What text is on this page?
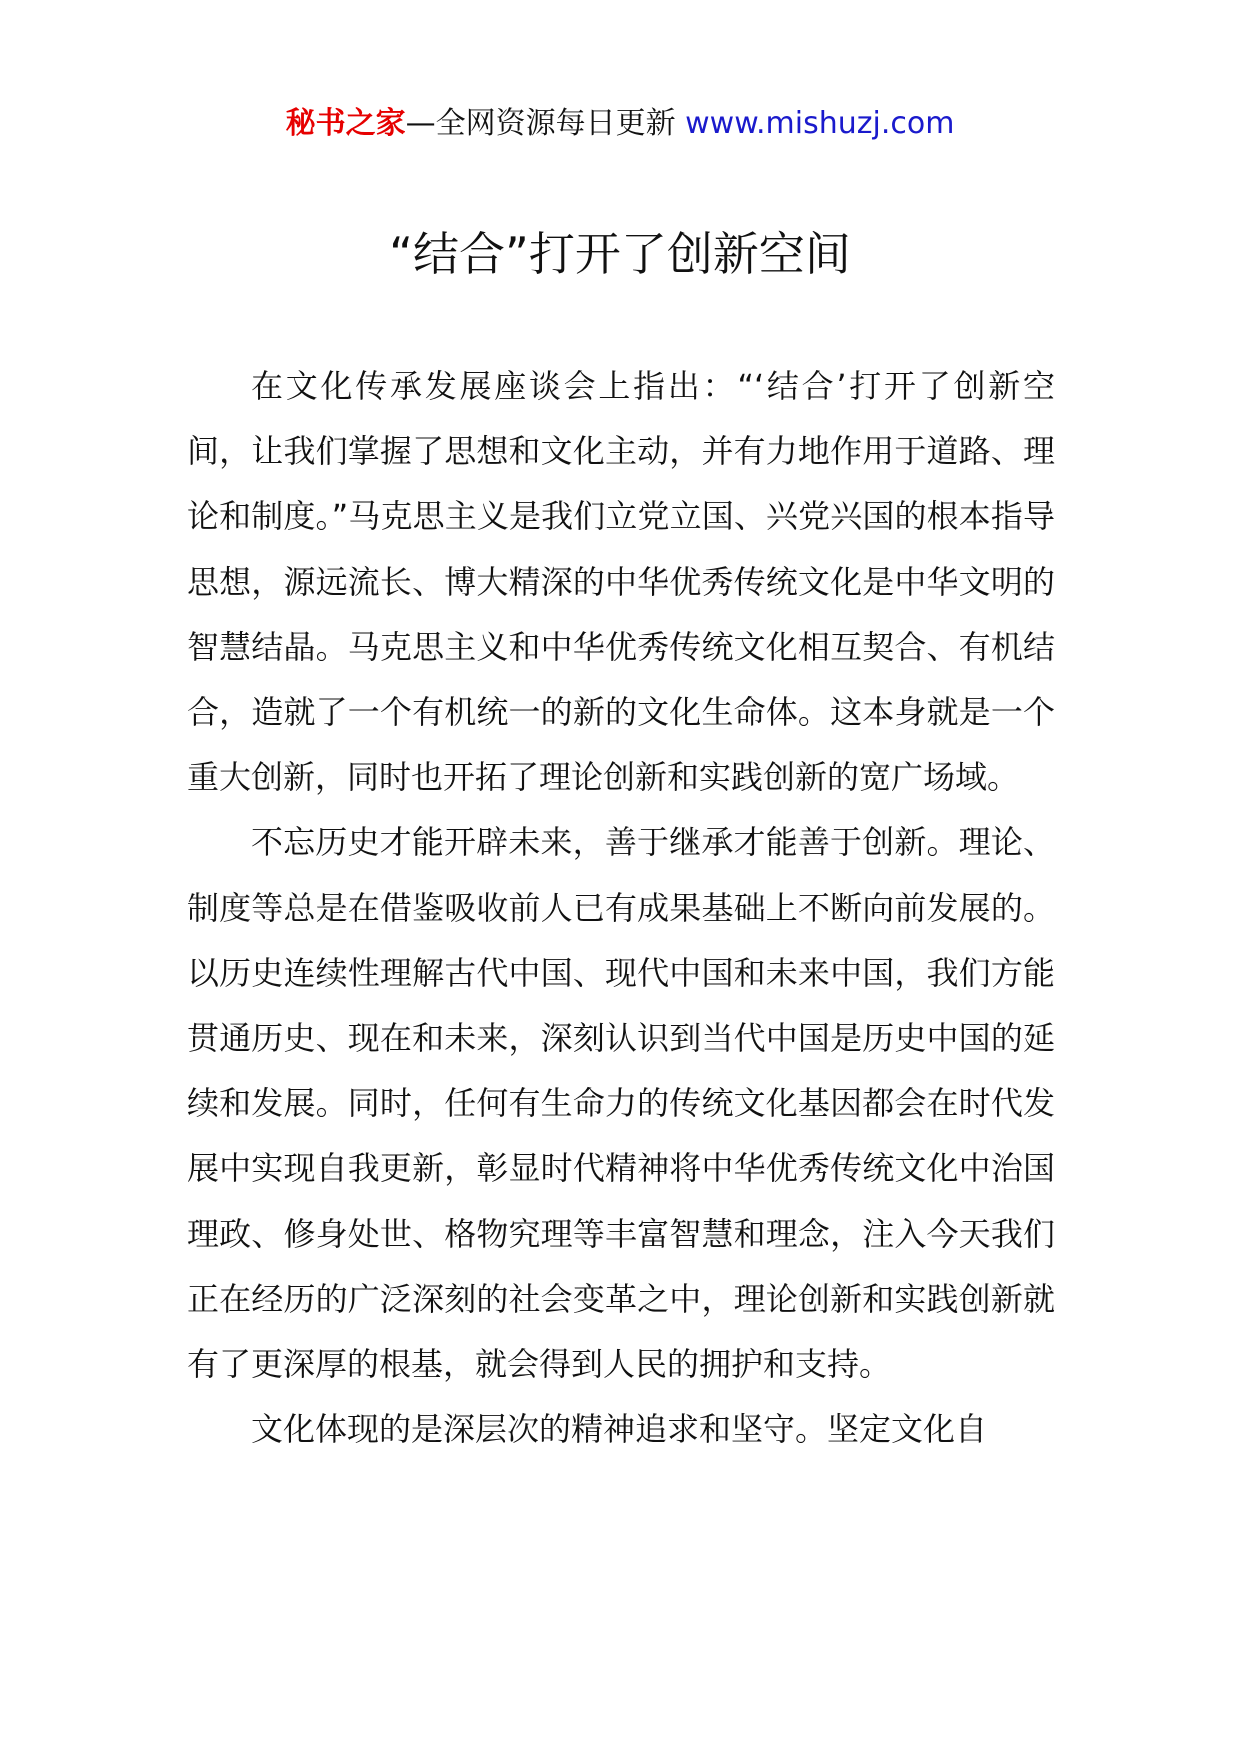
秘书之家—全网资源每日更新 www.mishuzj.com
“结合”打开了创新空间

在文化传承发展座谈会上指出：“‘结合’打开了创新空间，让我们掌握了思想和文化主动，并有力地作用于道路、理论和制度。”马克思主义是我们立党立国、兴党兴国的根本指导思想，源远流长、博大精深的中华优秀传统文化是中华文明的智慧结晶。马克思主义和中华优秀传统文化相互契合、有机结合，造就了一个有机统一的新的文化生命体。这本身就是一个重大创新，同时也开拓了理论创新和实践创新的宽广场域。

不忘历史才能开辟未来，善于继承才能善于创新。理论、制度等总是在借鉴吸收前人已有成果基础上不断向前发展的。以历史连续性理解古代中国、现代中国和未来中国，我们方能贯通历史、现在和未来，深刻认识到当代中国是历史中国的延续和发展。同时，任何有生命力的传统文化基因都会在时代发展中实现自我更新，彰显时代精神将中华优秀传统文化中治国理政、修身处世、格物究理等丰富智慧和理念，注入今天我们正在经历的广泛深刻的社会变革之中，理论创新和实践创新就有了更深厚的根基，就会得到人民的拥护和支持。

文化体现的是深层次的精神追求和坚守。坚定文化自
